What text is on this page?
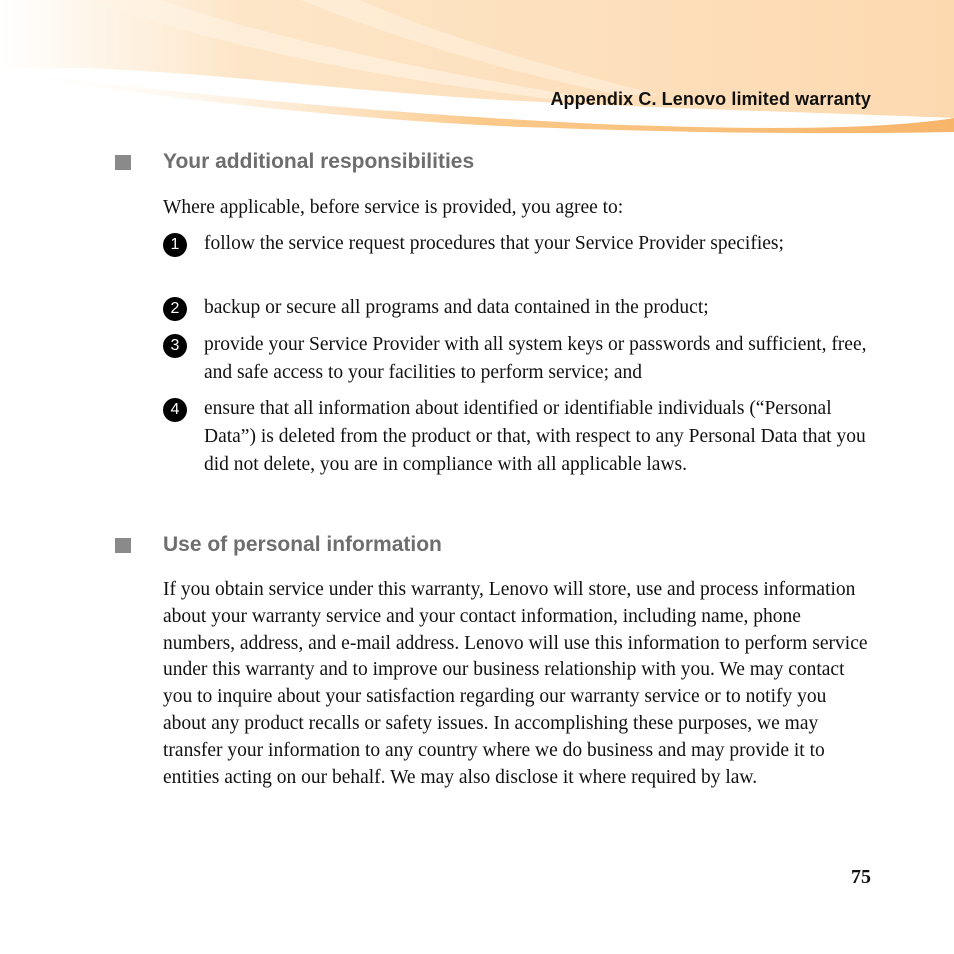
Appendix C. Lenovo limited warranty
Your additional responsibilities
Where applicable, before service is provided, you agree to:
1	follow the service request procedures that your Service Provider specifies;
2	backup or secure all programs and data contained in the product;
3	provide your Service Provider with all system keys or passwords and sufficient, free, and safe access to your facilities to perform service; and
4	ensure that all information about identified or identifiable individuals (“Personal Data”) is deleted from the product or that, with respect to any Personal Data that you did not delete, you are in compliance with all applicable laws.
Use of personal information
If you obtain service under this warranty, Lenovo will store, use and process information about your warranty service and your contact information, including name, phone numbers, address, and e-mail address. Lenovo will use this information to perform service under this warranty and to improve our business relationship with you. We may contact you to inquire about your satisfaction regarding our warranty service or to notify you about any product recalls or safety issues. In accomplishing these purposes, we may transfer your information to any country where we do business and may provide it to entities acting on our behalf. We may also disclose it where required by law.
75
